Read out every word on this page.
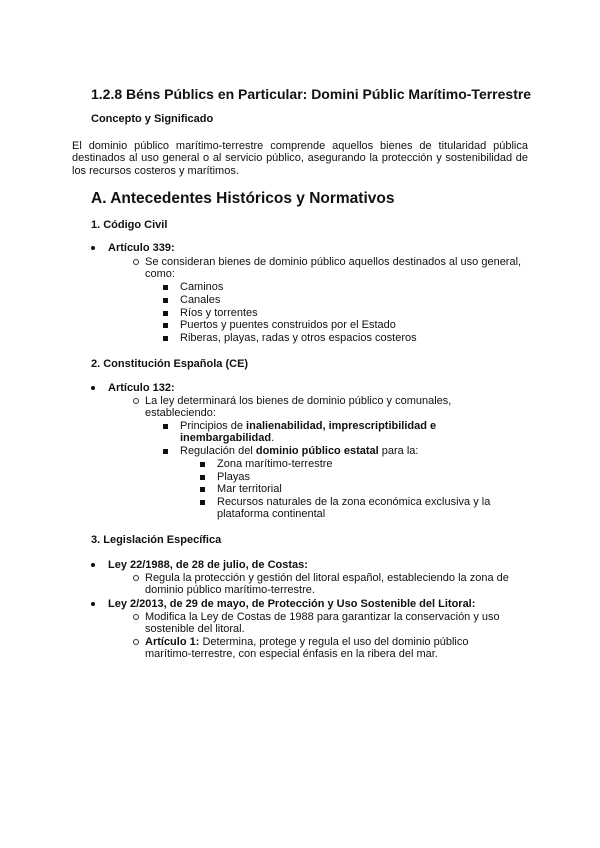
1.2.8 Béns Públics en Particular: Domini Públic Marítimo-Terrestre
Concepto y Significado
El dominio público marítimo-terrestre comprende aquellos bienes de titularidad pública destinados al uso general o al servicio público, asegurando la protección y sostenibilidad de los recursos costeros y marítimos.
A. Antecedentes Históricos y Normativos
1. Código Civil
Artículo 339:
Se consideran bienes de dominio público aquellos destinados al uso general, como:
Caminos
Canales
Ríos y torrentes
Puertos y puentes construidos por el Estado
Riberas, playas, radas y otros espacios costeros
2. Constitución Española (CE)
Artículo 132:
La ley determinará los bienes de dominio público y comunales, estableciendo:
Principios de inalienabilidad, imprescriptibilidad e inembargabilidad.
Regulación del dominio público estatal para la:
Zona marítimo-terrestre
Playas
Mar territorial
Recursos naturales de la zona económica exclusiva y la plataforma continental
3. Legislación Específica
Ley 22/1988, de 28 de julio, de Costas:
Regula la protección y gestión del litoral español, estableciendo la zona de dominio público marítimo-terrestre.
Ley 2/2013, de 29 de mayo, de Protección y Uso Sostenible del Litoral:
Modifica la Ley de Costas de 1988 para garantizar la conservación y uso sostenible del litoral.
Artículo 1: Determina, protege y regula el uso del dominio público marítimo-terrestre, con especial énfasis en la ribera del mar.
